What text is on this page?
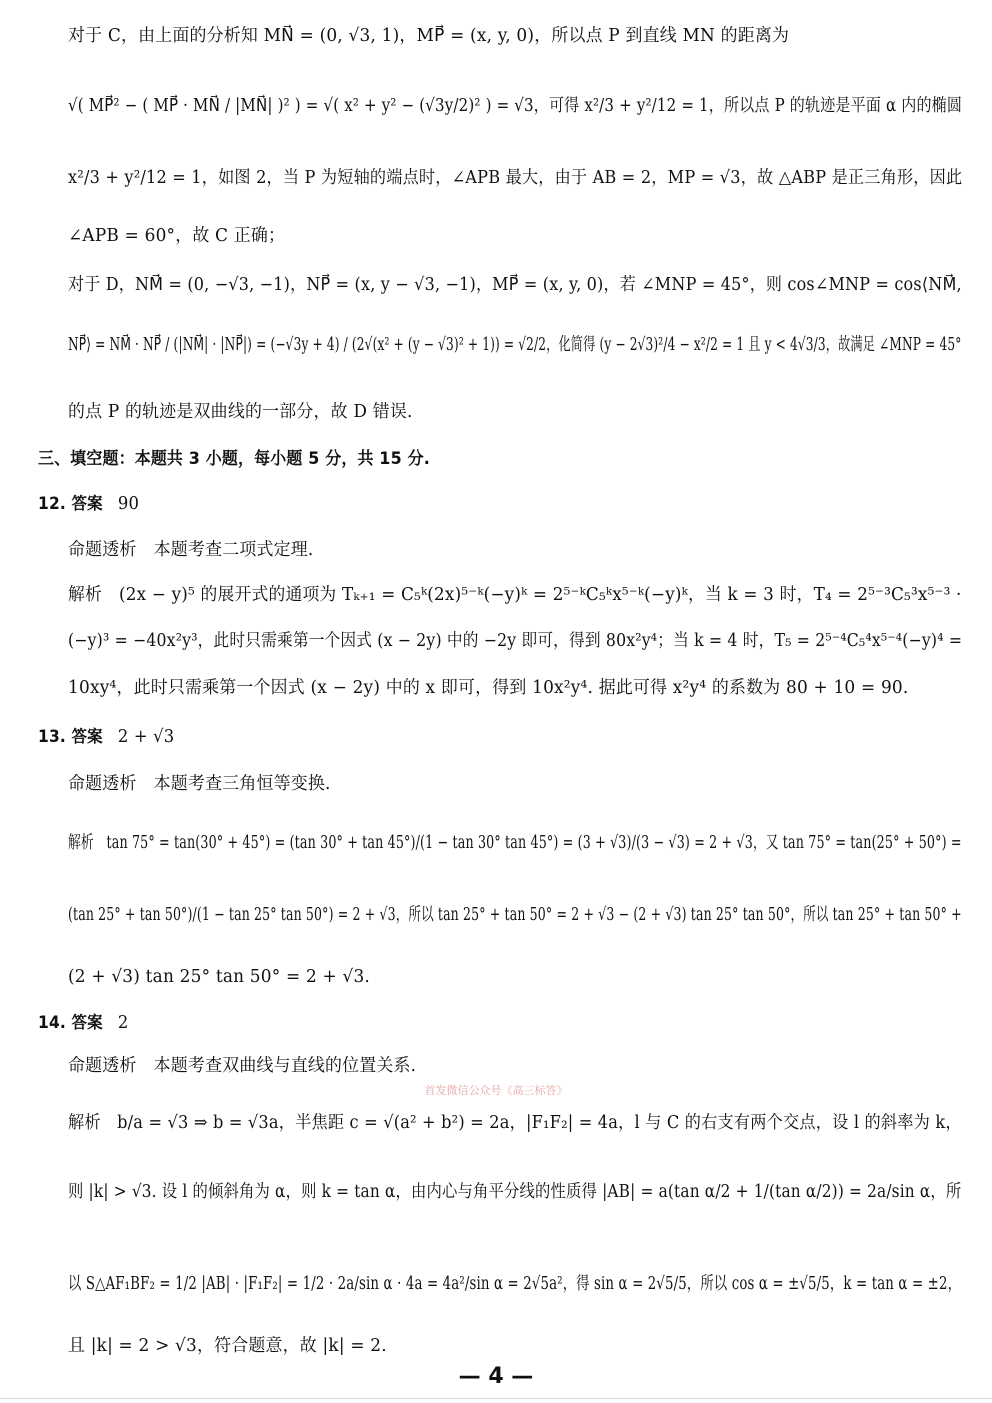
对于 C，由上面的分析知 MN⃗ = (0, √3, 1)，MP⃗ = (x, y, 0)，所以点 P 到直线 MN 的距离为
√( MP⃗² − ( MP⃗ · MN⃗ / |MN⃗| )² ) = √( x² + y² − (√3y/2)² ) = √3，可得 x²/3 + y²/12 = 1，所以点 P 的轨迹是平面 α 内的椭圆
x²/3 + y²/12 = 1，如图 2，当 P 为短轴的端点时，∠APB 最大，由于 AB = 2，MP = √3，故 △ABP 是正三角形，因此
∠APB = 60°，故 C 正确；
对于 D，NM⃗ = (0, −√3, −1)，NP⃗ = (x, y − √3, −1)，MP⃗ = (x, y, 0)，若 ∠MNP = 45°，则 cos∠MNP = cos⟨NM⃗,
NP⃗⟩ = NM⃗ · NP⃗ / (|NM⃗| · |NP⃗|) = (−√3y + 4) / (2√(x² + (y − √3)² + 1)) = √2/2，化简得 (y − 2√3)²/4 − x²/2 = 1 且 y < 4√3/3，故满足 ∠MNP = 45°
的点 P 的轨迹是双曲线的一部分，故 D 错误.
三、填空题：本题共 3 小题，每小题 5 分，共 15 分.
12. 答案 90
命题透析　本题考查二项式定理.
解析　(2x − y)⁵ 的展开式的通项为 Tₖ₊₁ = C₅ᵏ(2x)⁵⁻ᵏ(−y)ᵏ = 2⁵⁻ᵏC₅ᵏx⁵⁻ᵏ(−y)ᵏ，当 k = 3 时，T₄ = 2⁵⁻³C₅³x⁵⁻³ ·
(−y)³ = −40x²y³，此时只需乘第一个因式 (x − 2y) 中的 −2y 即可，得到 80x²y⁴；当 k = 4 时，T₅ = 2⁵⁻⁴C₅⁴x⁵⁻⁴(−y)⁴ =
10xy⁴，此时只需乘第一个因式 (x − 2y) 中的 x 即可，得到 10x²y⁴. 据此可得 x²y⁴ 的系数为 80 + 10 = 90.
13. 答案 2 + √3
命题透析　本题考查三角恒等变换.
解析　tan 75° = tan(30° + 45°) = (tan 30° + tan 45°)/(1 − tan 30° tan 45°) = (3 + √3)/(3 − √3) = 2 + √3，又 tan 75° = tan(25° + 50°) =
(tan 25° + tan 50°)/(1 − tan 25° tan 50°) = 2 + √3，所以 tan 25° + tan 50° = 2 + √3 − (2 + √3) tan 25° tan 50°，所以 tan 25° + tan 50° +
(2 + √3) tan 25° tan 50° = 2 + √3.
14. 答案 2
命题透析　本题考查双曲线与直线的位置关系.
首发微信公众号《高三标答》
解析　b/a = √3 ⇒ b = √3a，半焦距 c = √(a² + b²) = 2a，|F₁F₂| = 4a，l 与 C 的右支有两个交点，设 l 的斜率为 k，
则 |k| > √3. 设 l 的倾斜角为 α，则 k = tan α，由内心与角平分线的性质得 |AB| = a(tan α/2 + 1/(tan α/2)) = 2a/sin α，所
以 S△AF₁BF₂ = 1/2 |AB| · |F₁F₂| = 1/2 · 2a/sin α · 4a = 4a²/sin α = 2√5a²，得 sin α = 2√5/5，所以 cos α = ±√5/5，k = tan α = ±2，
且 |k| = 2 > √3，符合题意，故 |k| = 2.
— 4 —
